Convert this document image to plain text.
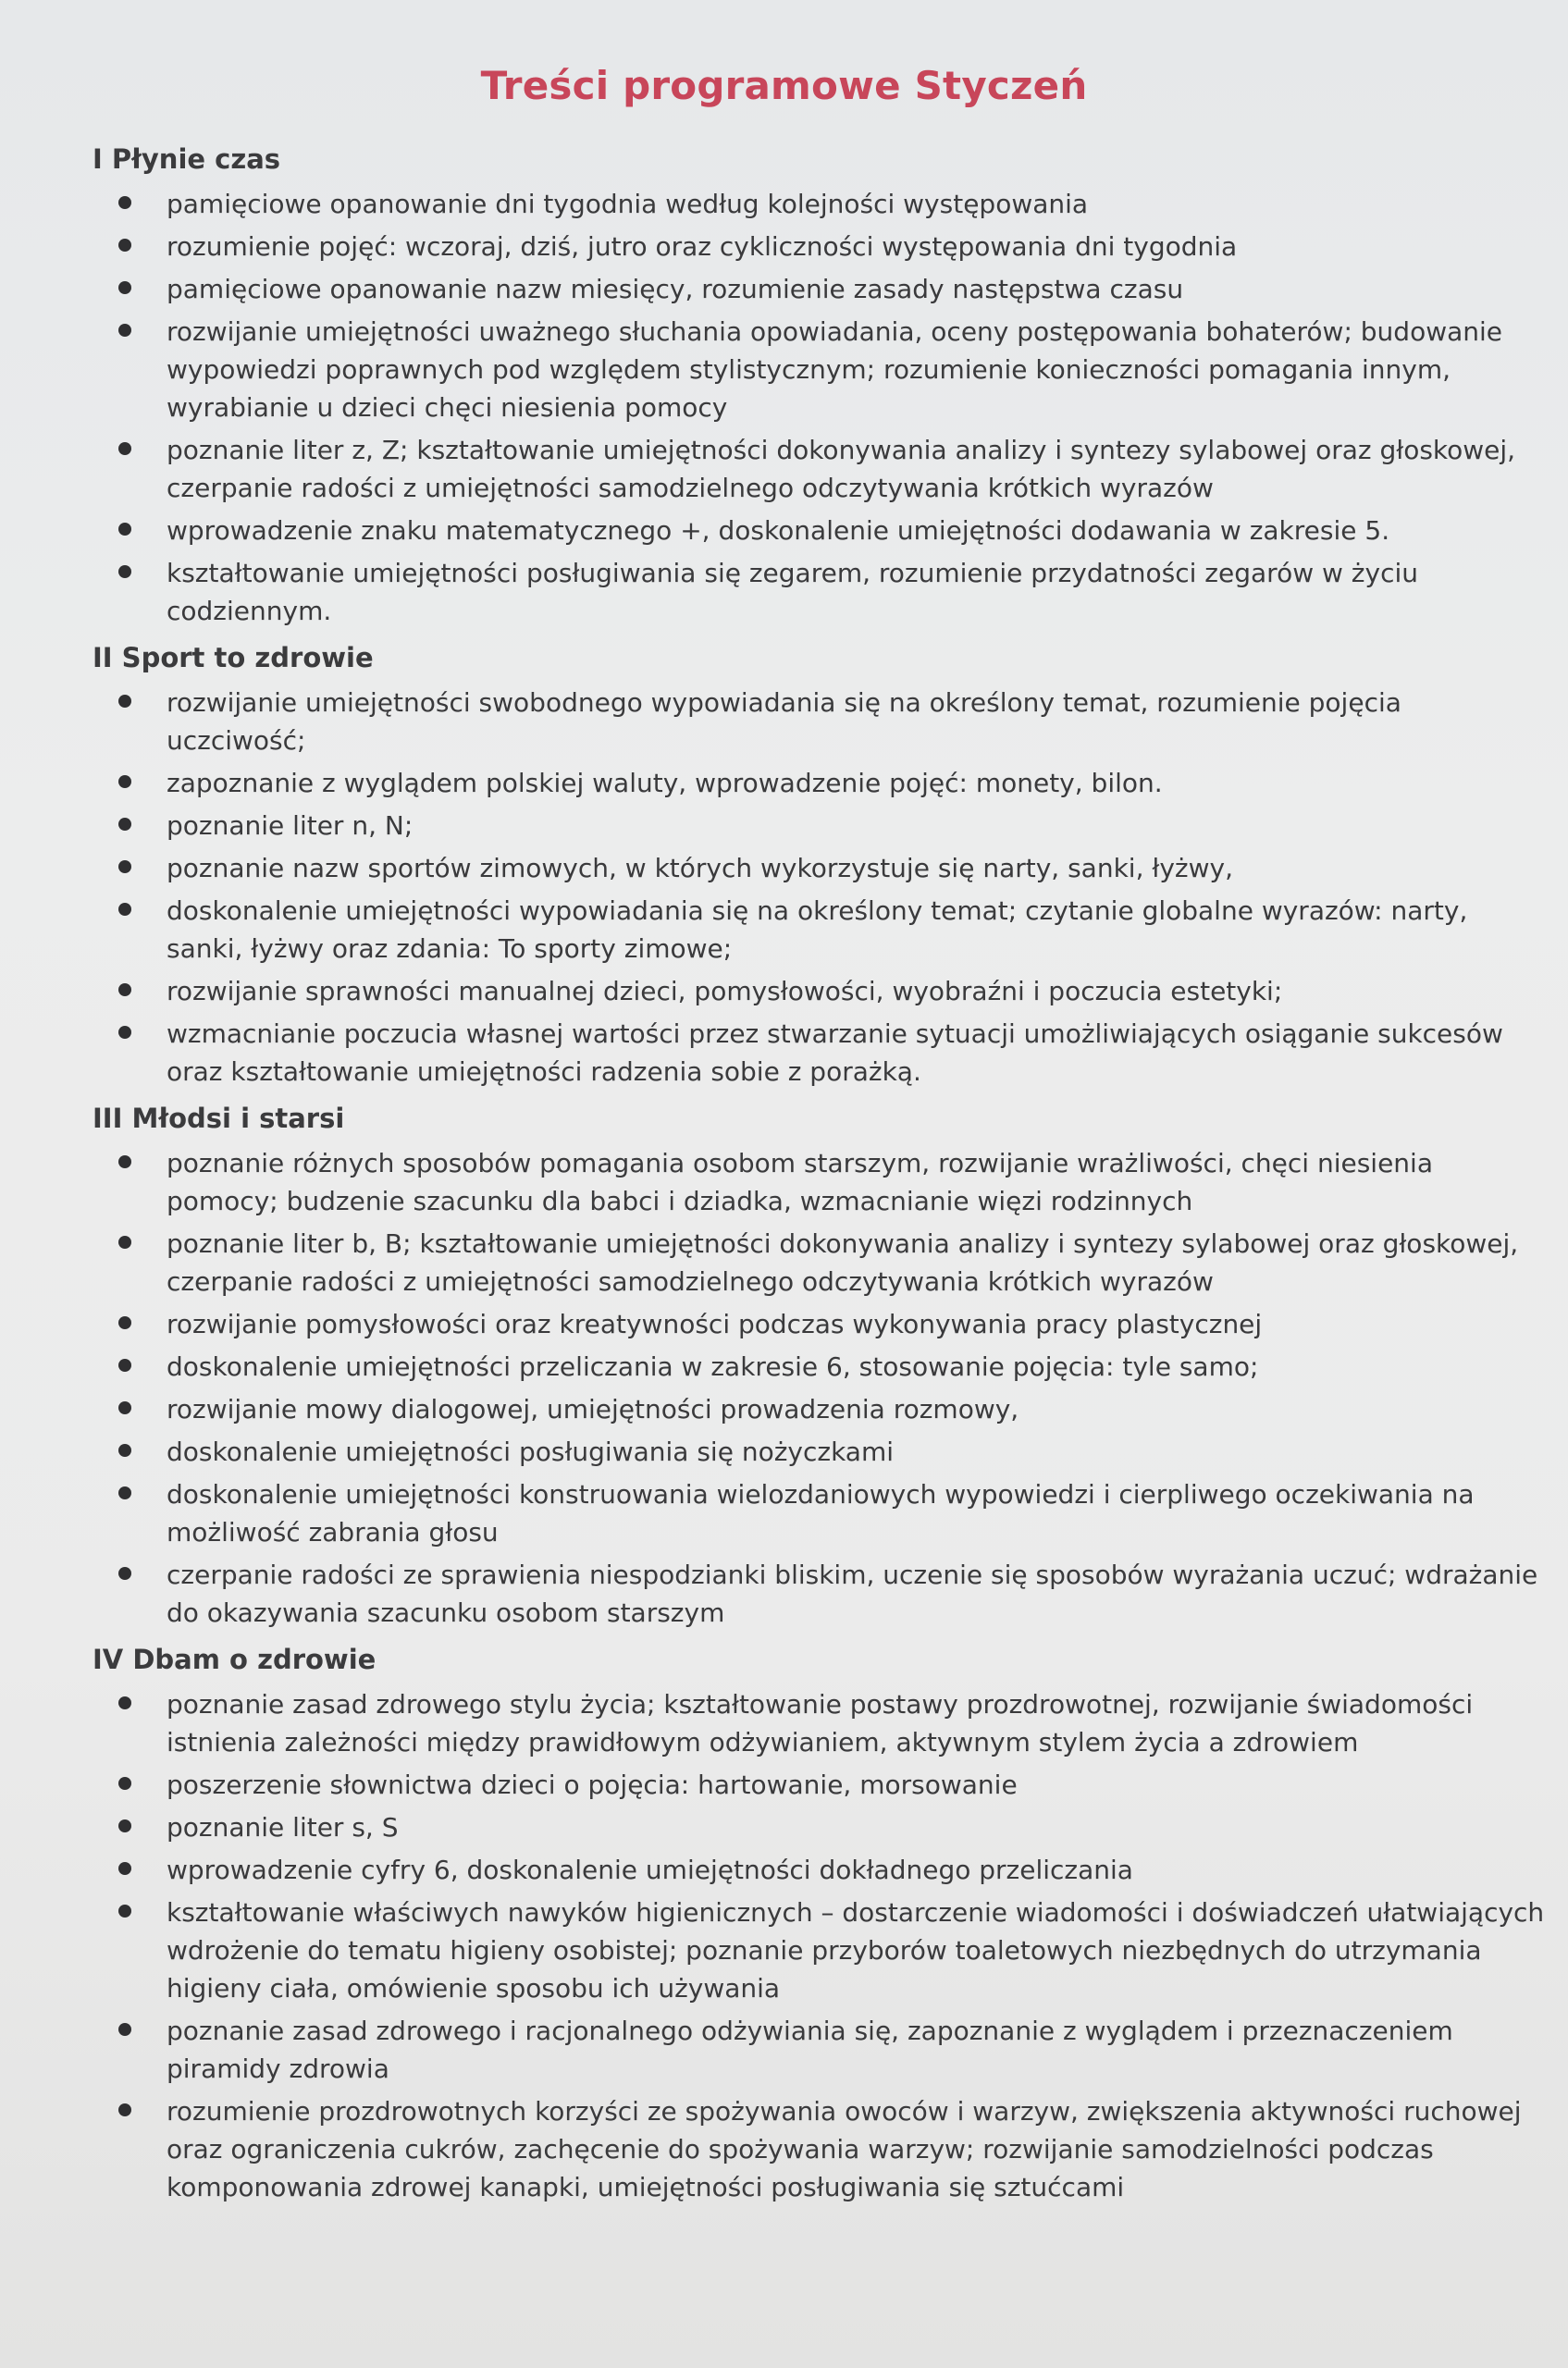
Treści programowe Styczeń
I Płynie czas
pamięciowe opanowanie dni tygodnia według kolejności występowania
rozumienie pojęć: wczoraj, dziś, jutro oraz cykliczności występowania dni tygodnia
pamięciowe opanowanie nazw miesięcy, rozumienie zasady następstwa czasu
rozwijanie umiejętności uważnego słuchania opowiadania, oceny postępowania bohaterów; budowanie wypowiedzi poprawnych pod względem stylistycznym; rozumienie konieczności pomagania innym, wyrabianie u dzieci chęci niesienia pomocy
poznanie liter z, Z; kształtowanie umiejętności dokonywania analizy i syntezy sylabowej oraz głoskowej, czerpanie radości z umiejętności samodzielnego odczytywania krótkich wyrazów
wprowadzenie znaku matematycznego +, doskonalenie umiejętności dodawania w zakresie 5.
kształtowanie umiejętności posługiwania się zegarem, rozumienie przydatności zegarów w życiu codziennym.
II Sport to zdrowie
rozwijanie umiejętności swobodnego wypowiadania się na określony temat, rozumienie pojęcia uczciwość;
zapoznanie z wyglądem polskiej waluty, wprowadzenie pojęć: monety, bilon.
poznanie liter n, N;
poznanie nazw sportów zimowych, w których wykorzystuje się narty, sanki, łyżwy,
doskonalenie umiejętności wypowiadania się na określony temat; czytanie globalne wyrazów: narty, sanki, łyżwy oraz zdania: To sporty zimowe;
rozwijanie sprawności manualnej dzieci, pomysłowości, wyobraźni i poczucia estetyki;
wzmacnianie poczucia własnej wartości przez stwarzanie sytuacji umożliwiających osiąganie sukcesów oraz kształtowanie umiejętności radzenia sobie z porażką.
III Młodsi i starsi
poznanie różnych sposobów pomagania osobom starszym, rozwijanie wrażliwości, chęci niesienia pomocy; budzenie szacunku dla babci i dziadka, wzmacnianie więzi rodzinnych
poznanie liter b, B; kształtowanie umiejętności dokonywania analizy i syntezy sylabowej oraz głoskowej, czerpanie radości z umiejętności samodzielnego odczytywania krótkich wyrazów
rozwijanie pomysłowości oraz kreatywności podczas wykonywania pracy plastycznej
doskonalenie umiejętności przeliczania w zakresie 6, stosowanie pojęcia: tyle samo;
rozwijanie mowy dialogowej, umiejętności prowadzenia rozmowy,
doskonalenie umiejętności posługiwania się nożyczkami
doskonalenie umiejętności konstruowania wielozdaniowych wypowiedzi i cierpliwego oczekiwania na możliwość zabrania głosu
czerpanie radości ze sprawienia niespodzianki bliskim, uczenie się sposobów wyrażania uczuć; wdrażanie do okazywania szacunku osobom starszym
IV Dbam o zdrowie
poznanie zasad zdrowego stylu życia; kształtowanie postawy prozdrowotnej, rozwijanie świadomości istnienia zależności między prawidłowym odżywianiem, aktywnym stylem życia a zdrowiem
poszerzenie słownictwa dzieci o pojęcia: hartowanie, morsowanie
poznanie liter s, S
wprowadzenie cyfry 6, doskonalenie umiejętności dokładnego przeliczania
kształtowanie właściwych nawyków higienicznych – dostarczenie wiadomości i doświadczeń ułatwiających wdrożenie do tematu higieny osobistej; poznanie przyborów toaletowych niezbędnych do utrzymania higieny ciała, omówienie sposobu ich używania
poznanie zasad zdrowego i racjonalnego odżywiania się, zapoznanie z wyglądem i przeznaczeniem piramidy zdrowia
rozumienie prozdrowotnych korzyści ze spożywania owoców i warzyw, zwiększenia aktywności ruchowej oraz ograniczenia cukrów, zachęcenie do spożywania warzyw; rozwijanie samodzielności podczas komponowania zdrowej kanapki, umiejętności posługiwania się sztućcami
